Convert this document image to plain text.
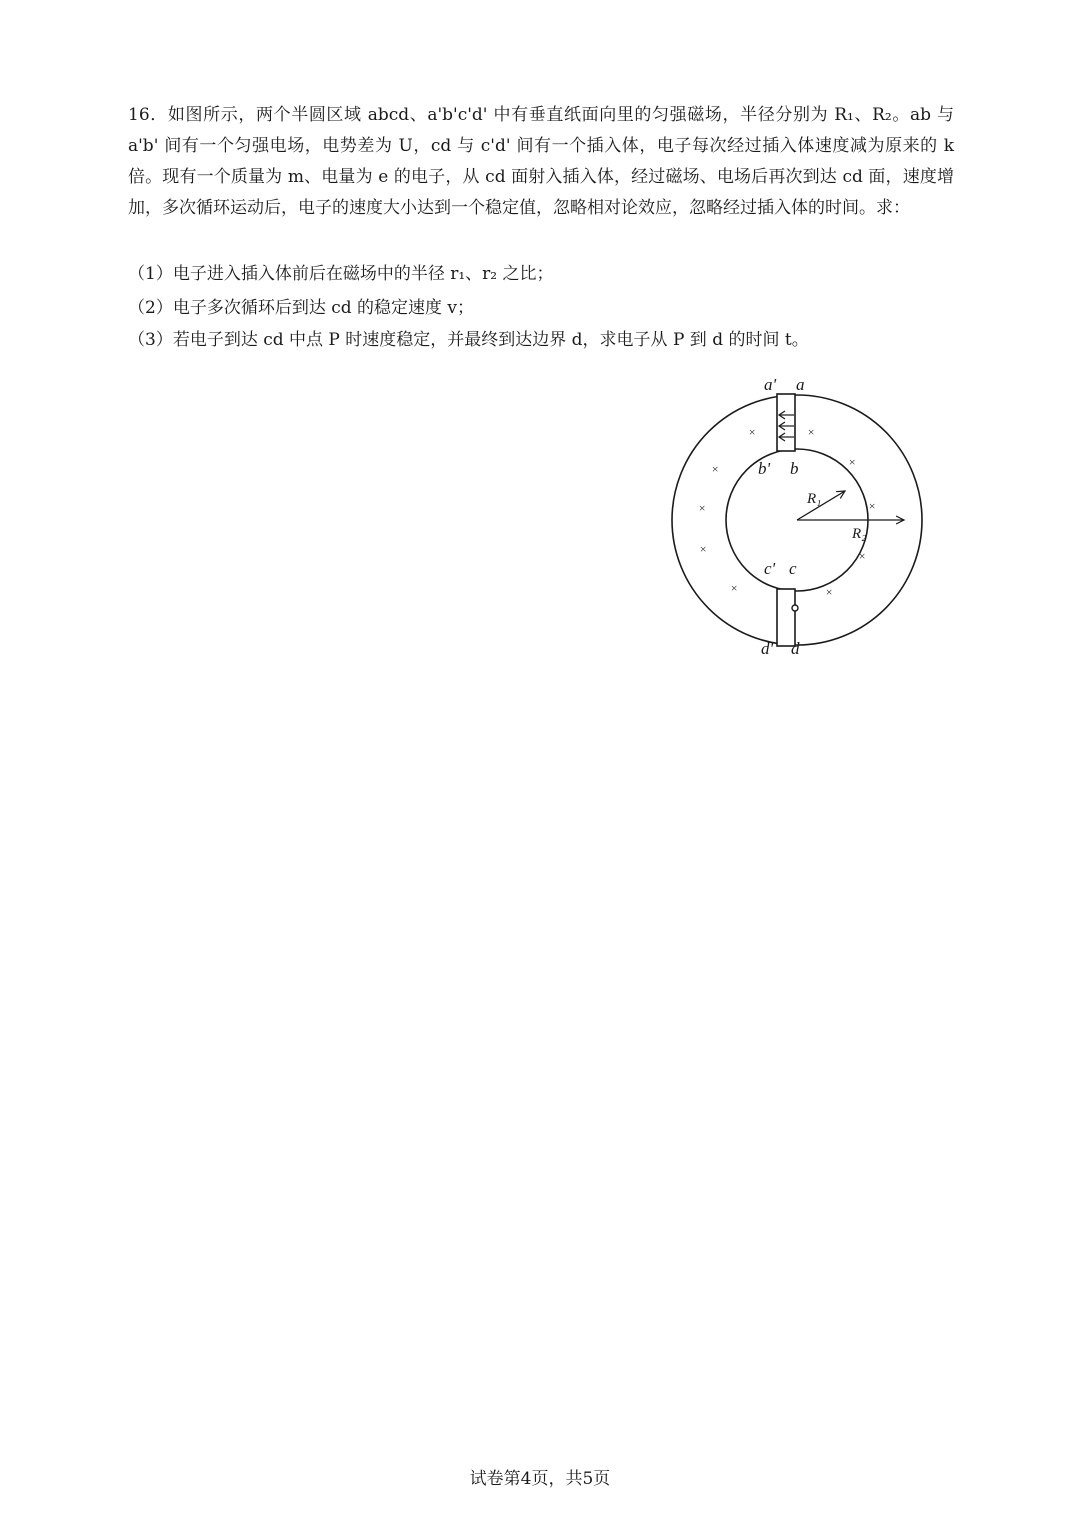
16．如图所示，两个半圆区域 abcd、a'b'c'd' 中有垂直纸面向里的匀强磁场，半径分别为 R₁、R₂。ab 与 a'b' 间有一个匀强电场，电势差为 U，cd 与 c'd' 间有一个插入体，电子每次经过插入体速度减为原来的 k 倍。现有一个质量为 m、电量为 e 的电子，从 cd 面射入插入体，经过磁场、电场后再次到达 cd 面，速度增加，多次循环运动后，电子的速度大小达到一个稳定值，忽略相对论效应，忽略经过插入体的时间。求：

（1）电子进入插入体前后在磁场中的半径 r₁、r₂ 之比；

（2）电子多次循环后到达 cd 的稳定速度 v；

（3）若电子到达 cd 中点 P 时速度稳定，并最终到达边界 d，求电子从 P 到 d 的时间 t。

×	×
×	×
×	×
×	×
×	×
a' a
b' b
R₁
R₂
c' c
d' d
试卷第4页，共5页
